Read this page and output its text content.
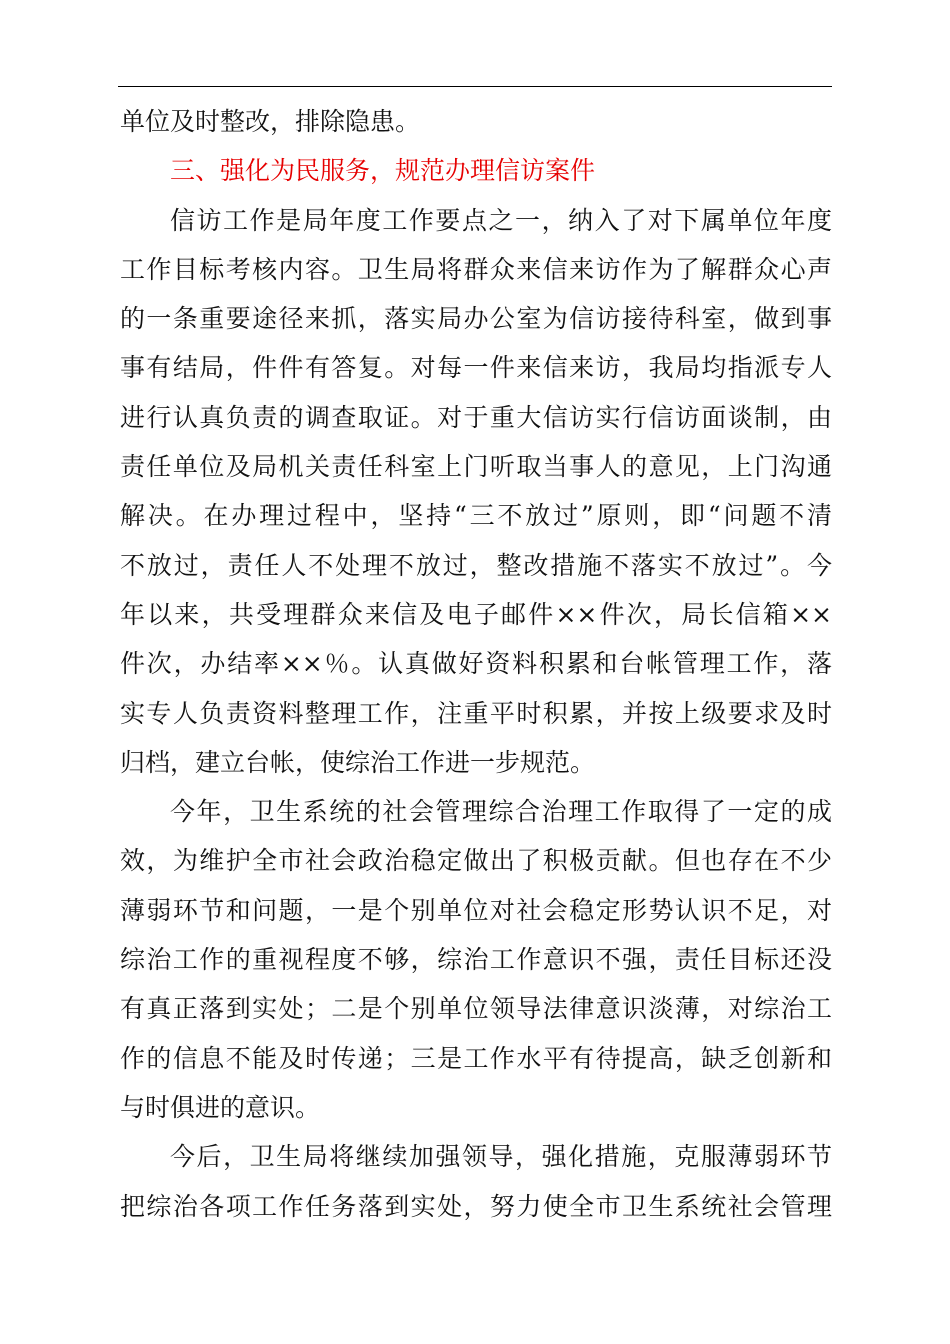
单位及时整改，排除隐患。
三、强化为民服务，规范办理信访案件
信访工作是局年度工作要点之一，纳入了对下属单位年度
工作目标考核内容。卫生局将群众来信来访作为了解群众心声
的一条重要途径来抓，落实局办公室为信访接待科室，做到事
事有结局，件件有答复。对每一件来信来访，我局均指派专人
进行认真负责的调查取证。对于重大信访实行信访面谈制，由
责任单位及局机关责任科室上门听取当事人的意见，上门沟通
解决。在办理过程中，坚持“三不放过”原则，即“问题不清
不放过，责任人不处理不放过，整改措施不落实不放过”。今
年以来，共受理群众来信及电子邮件××件次，局长信箱××
件次，办结率××％。认真做好资料积累和台帐管理工作，落
实专人负责资料整理工作，注重平时积累，并按上级要求及时
归档，建立台帐，使综治工作进一步规范。
今年，卫生系统的社会管理综合治理工作取得了一定的成
效，为维护全市社会政治稳定做出了积极贡献。但也存在不少
薄弱环节和问题，一是个别单位对社会稳定形势认识不足，对
综治工作的重视程度不够，综治工作意识不强，责任目标还没
有真正落到实处；二是个别单位领导法律意识淡薄，对综治工
作的信息不能及时传递；三是工作水平有待提高，缺乏创新和
与时俱进的意识。
今后，卫生局将继续加强领导，强化措施，克服薄弱环节
把综治各项工作任务落到实处，努力使全市卫生系统社会管理
